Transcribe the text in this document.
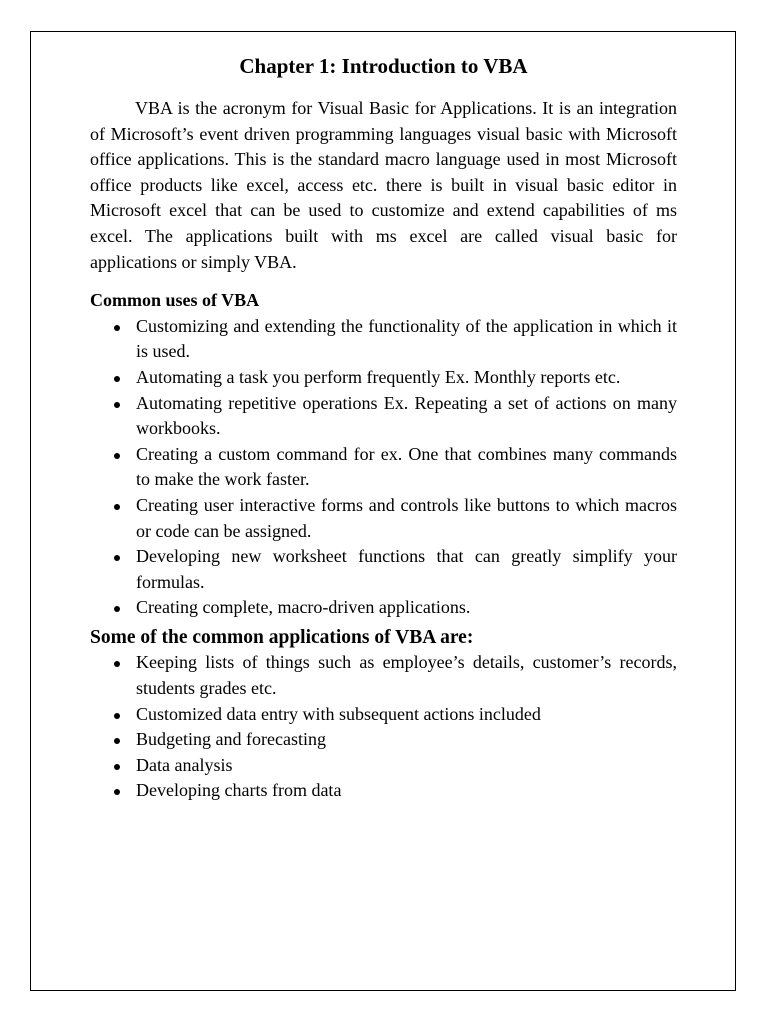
Chapter 1: Introduction to VBA

VBA is the acronym for Visual Basic for Applications. It is an integration of Microsoft’s event driven programming languages visual basic with Microsoft office applications. This is the standard macro language used in most Microsoft office products like excel, access etc. there is built in visual basic editor in Microsoft excel that can be used to customize and extend capabilities of ms excel. The applications built with ms excel are called visual basic for applications or simply VBA.

Common uses of VBA
Customizing and extending the functionality of the application in which it is used.
Automating a task you perform frequently Ex. Monthly reports etc.
Automating repetitive operations Ex. Repeating a set of actions on many workbooks.
Creating a custom command for ex. One that combines many commands to make the work faster.
Creating user interactive forms and controls like buttons to which macros or code can be assigned.
Developing new worksheet functions that can greatly simplify your formulas.
Creating complete, macro-driven applications.
Some of the common applications of VBA are:
Keeping lists of things such as employee’s details, customer’s records, students grades etc.
Customized data entry with subsequent actions included
Budgeting and forecasting
Data analysis
Developing charts from data
